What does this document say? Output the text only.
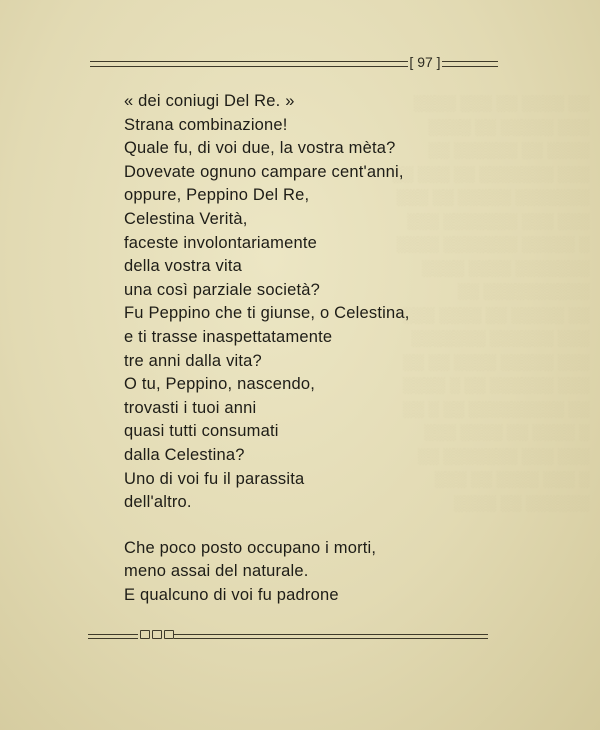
░░ ░░░░ ░░ ░░░ ░░░░
░░░ ░░░░░ ░░ ░░░░
░░░░ ░░ ░░░░░░ ░░
░░░ ░░░░░░░ ░░ ░░░ ░░
░░░░░░░ ░░░░░ ░░ ░░░
░░░ ░░░ ░░░░░░░ ░░░
░ ░░░░░ ░░░░░░░ ░░░░
░░░░░░░ ░░░░ ░░░░
░░░░░░░░░░ ░░
░░ ░░░░░ ░░ ░░░░ ░░░
░░░ ░░░░░░ ░░░░░░░
░░░ ░░░░░ ░░░░ ░░ ░░
░░░ ░░░░░░ ░░ ░ ░░░░
░░ ░░░░░░░░░ ░░ ░ ░░
░ ░░░░ ░░ ░░░░ ░░░
░░░ ░░░ ░░░░░░░ ░░
░ ░░░ ░░░░ ░░ ░░░
░░░░░░ ░░ ░░░░
[ 97 ]
« dei coniugi Del Re. »
Strana combinazione!
Quale fu, di voi due, la vostra mèta?
Dovevate ognuno campare cent'anni,
oppure, Peppino Del Re,
Celestina Verità,
faceste involontariamente
della vostra vita
una così parziale società?
Fu Peppino che ti giunse, o Celestina,
e ti trasse inaspettatamente
tre anni dalla vita?
O tu, Peppino, nascendo,
trovasti i tuoi anni
quasi tutti consumati
dalla Celestina?
Uno di voi fu il parassita
dell'altro.
Che poco posto occupano i morti,
meno assai del naturale.
E qualcuno di voi fu padrone
